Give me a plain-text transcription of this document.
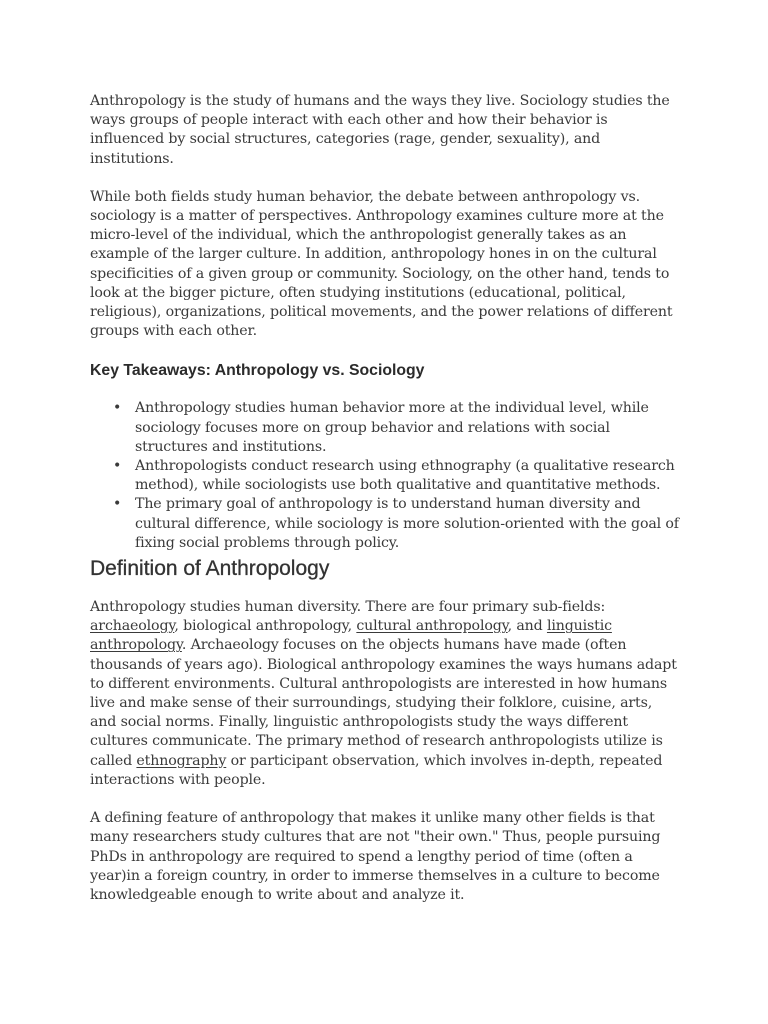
Anthropology is the study of humans and the ways they live. Sociology studies the ways groups of people interact with each other and how their behavior is influenced by social structures, categories (rage, gender, sexuality), and institutions.

While both fields study human behavior, the debate between anthropology vs. sociology is a matter of perspectives. Anthropology examines culture more at the micro-level of the individual, which the anthropologist generally takes as an example of the larger culture. In addition, anthropology hones in on the cultural specificities of a given group or community. Sociology, on the other hand, tends to look at the bigger picture, often studying institutions (educational, political, religious), organizations, political movements, and the power relations of different groups with each other.

Key Takeaways: Anthropology vs. Sociology
• Anthropology studies human behavior more at the individual level, while sociology focuses more on group behavior and relations with social structures and institutions.
• Anthropologists conduct research using ethnography (a qualitative research method), while sociologists use both qualitative and quantitative methods.
• The primary goal of anthropology is to understand human diversity and cultural difference, while sociology is more solution-oriented with the goal of fixing social problems through policy.
Definition of Anthropology

Anthropology studies human diversity. There are four primary sub-fields: archaeology, biological anthropology, cultural anthropology, and linguistic anthropology. Archaeology focuses on the objects humans have made (often thousands of years ago). Biological anthropology examines the ways humans adapt to different environments. Cultural anthropologists are interested in how humans live and make sense of their surroundings, studying their folklore, cuisine, arts, and social norms. Finally, linguistic anthropologists study the ways different cultures communicate. The primary method of research anthropologists utilize is called ethnography or participant observation, which involves in-depth, repeated interactions with people.

A defining feature of anthropology that makes it unlike many other fields is that many researchers study cultures that are not "their own." Thus, people pursuing PhDs in anthropology are required to spend a lengthy period of time (often a year)in a foreign country, in order to immerse themselves in a culture to become knowledgeable enough to write about and analyze it.
